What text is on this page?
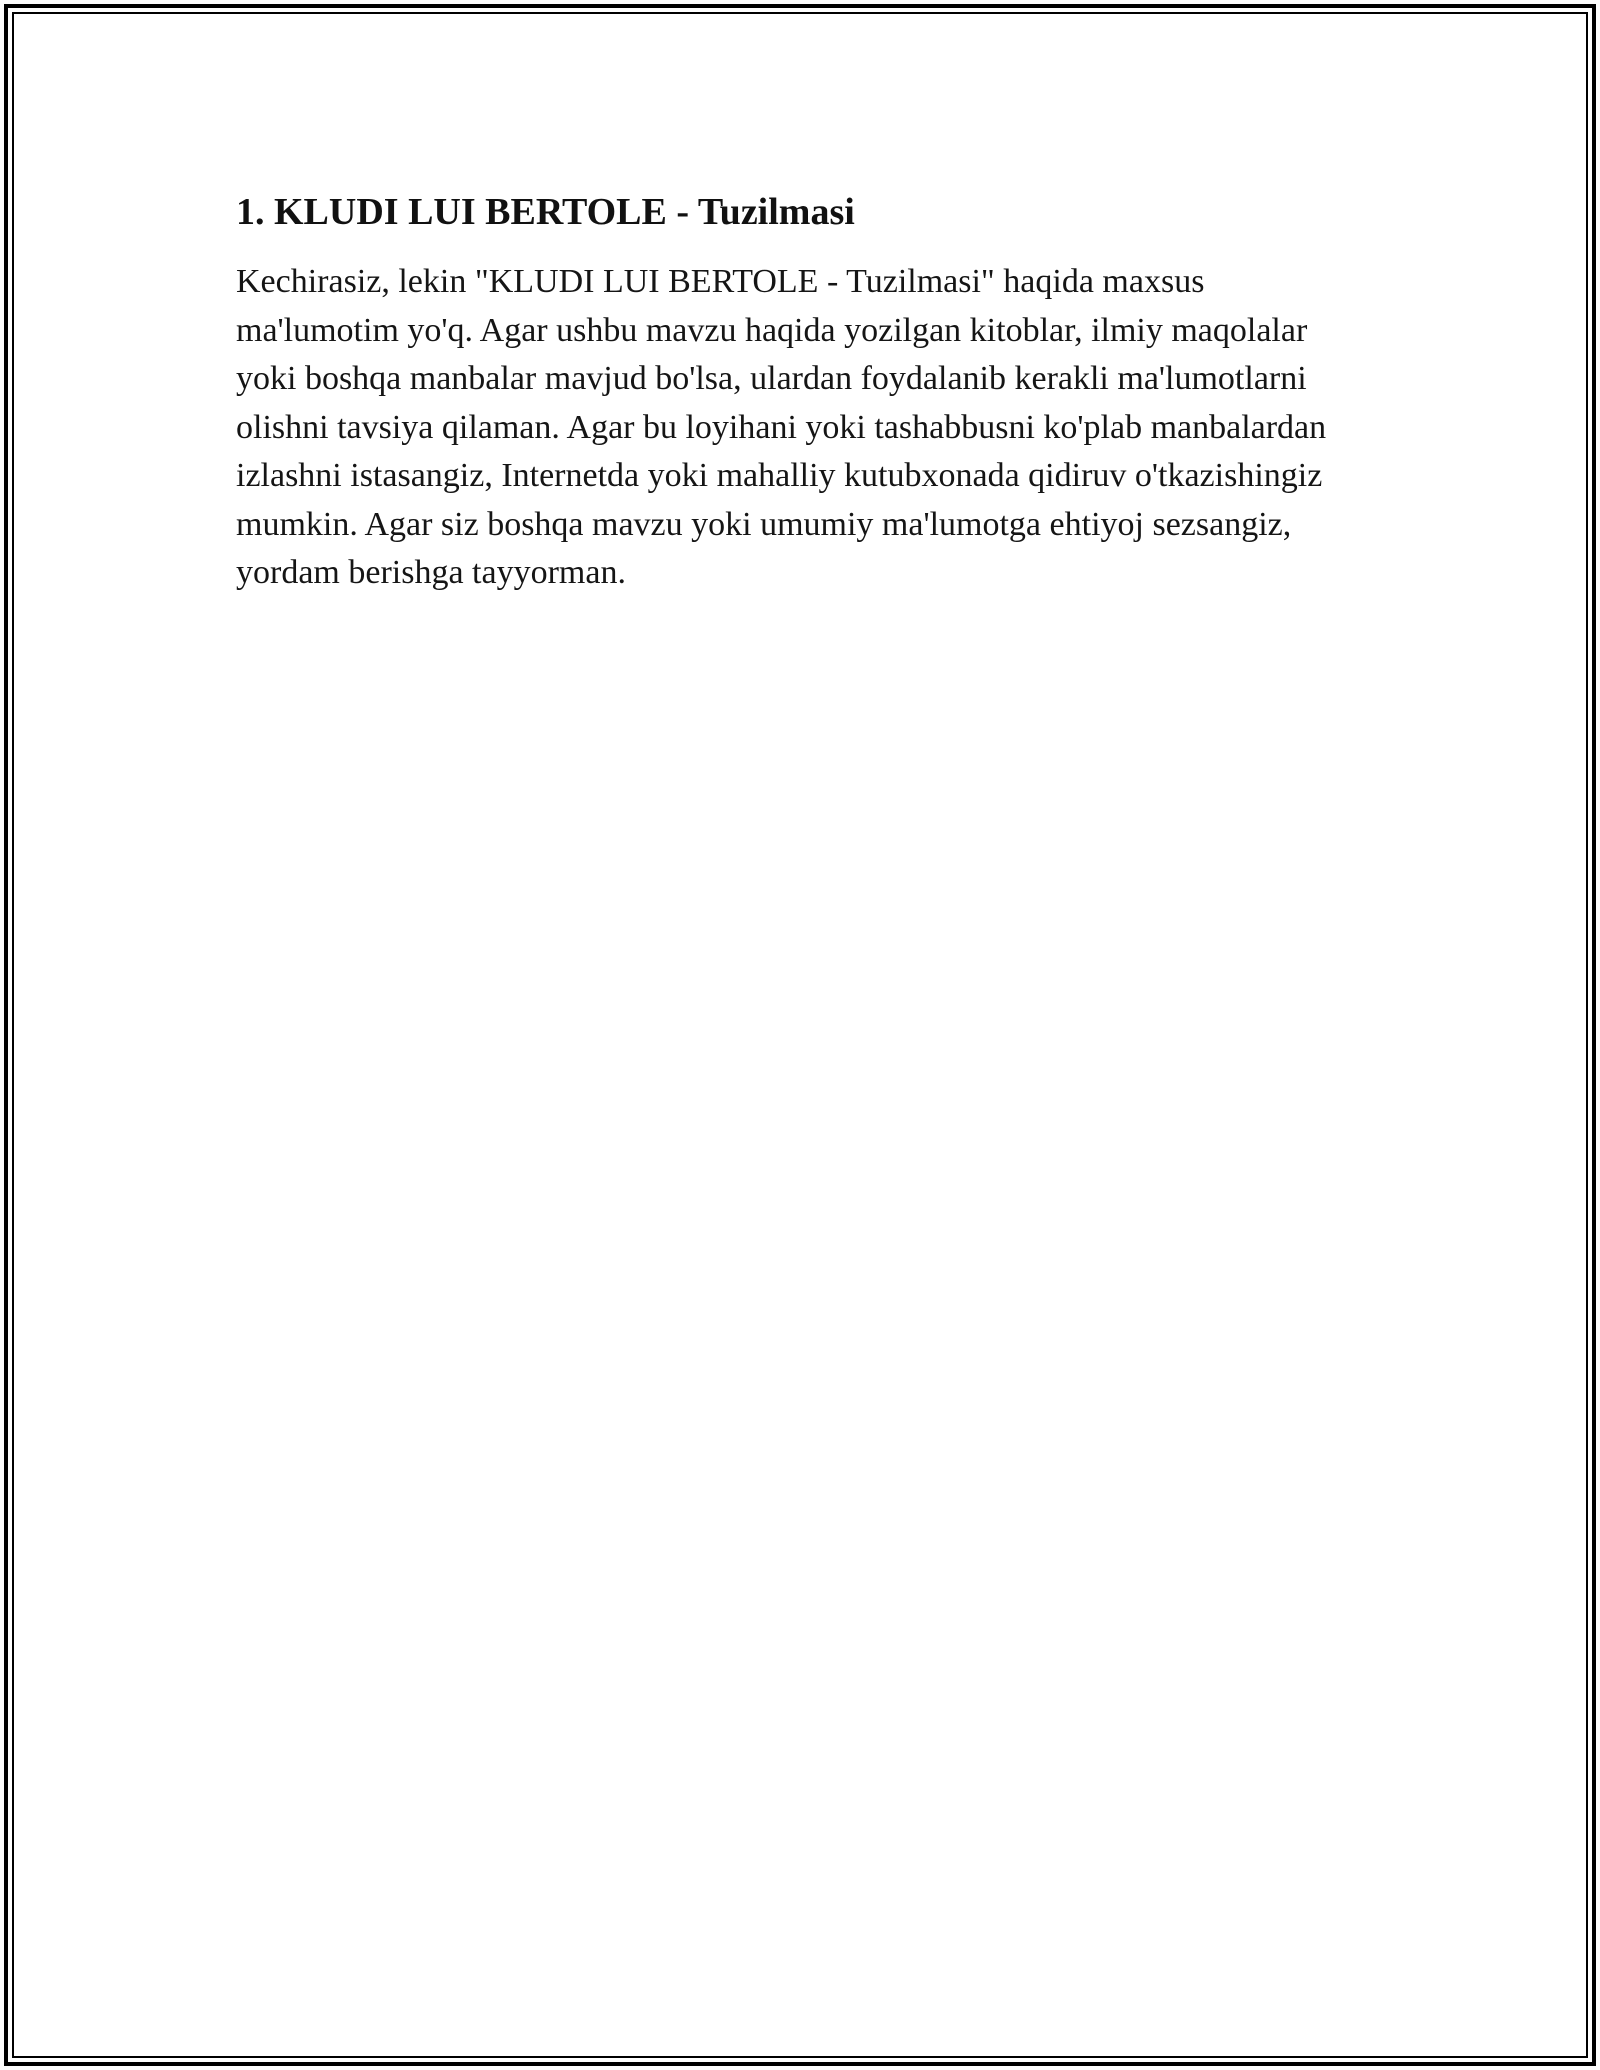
1. KLUDI LUI BERTOLE - Tuzilmasi

Kechirasiz, lekin "KLUDI LUI BERTOLE - Tuzilmasi" haqida maxsus ma'lumotim yo'q. Agar ushbu mavzu haqida yozilgan kitoblar, ilmiy maqolalar yoki boshqa manbalar mavjud bo'lsa, ulardan foydalanib kerakli ma'lumotlarni olishni tavsiya qilaman. Agar bu loyihani yoki tashabbusni ko'plab manbalardan izlashni istasangiz, Internetda yoki mahalliy kutubxonada qidiruv o'tkazishingiz mumkin. Agar siz boshqa mavzu yoki umumiy ma'lumotga ehtiyoj sezsangiz, yordam berishga tayyorman.
